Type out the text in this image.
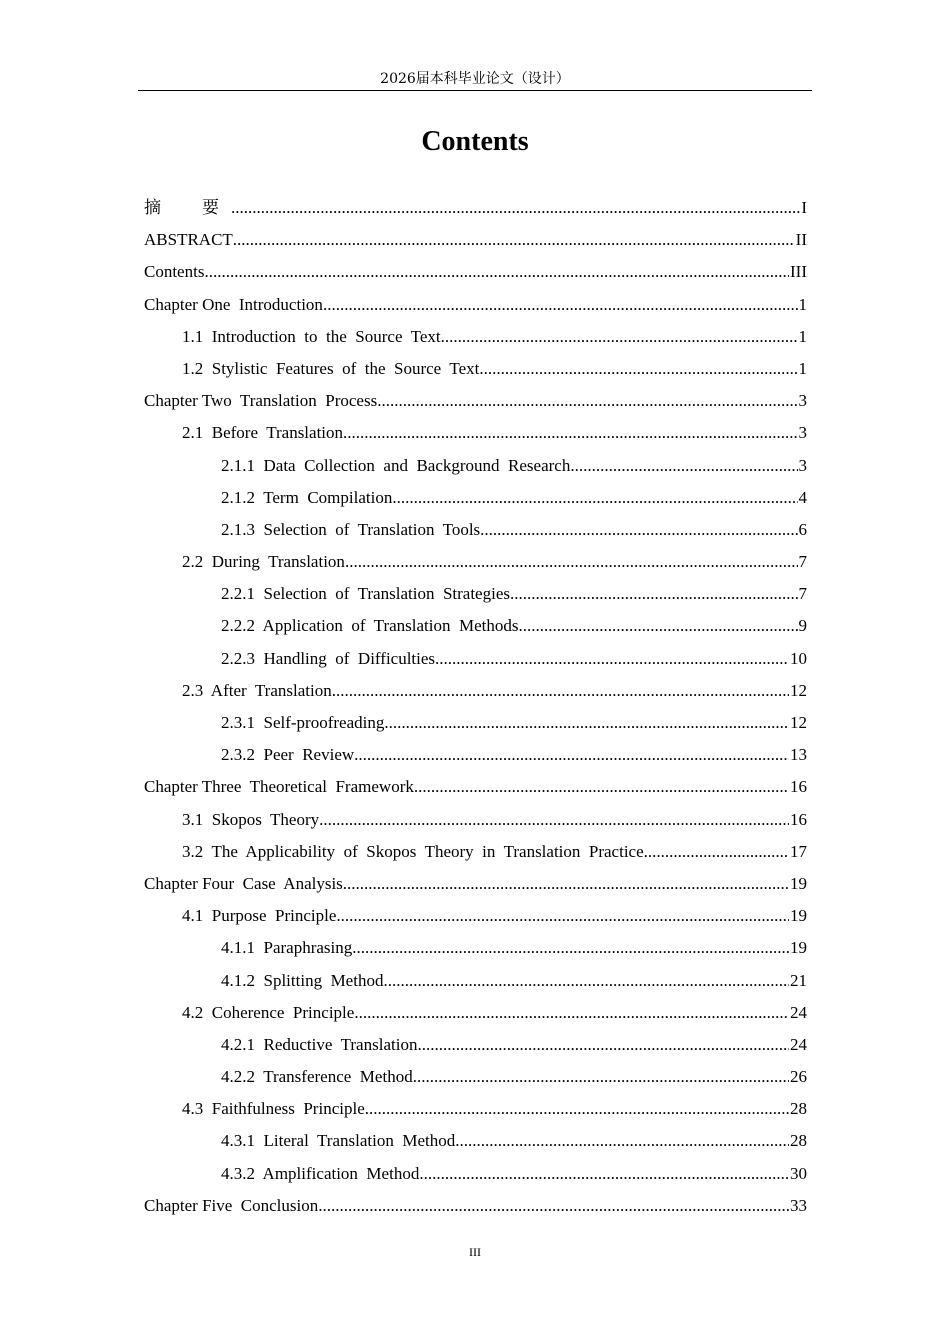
2026届本科毕业论文（设计）
Contents
摘　要 .....	I
ABSTRACT .....	II
Contents .....	III
Chapter One  Introduction .....	1
1.1  Introduction  to  the  Source  Text .....	1
1.2  Stylistic  Features  of  the  Source  Text .....	1
Chapter Two  Translation  Process .....	3
2.1  Before  Translation .....	3
2.1.1  Data  Collection  and  Background  Research .....	3
2.1.2  Term  Compilation .....	4
2.1.3  Selection  of  Translation  Tools .....	6
2.2  During  Translation .....	7
2.2.1  Selection  of  Translation  Strategies .....	7
2.2.2  Application  of  Translation  Methods .....	9
2.2.3  Handling  of  Difficulties .....	10
2.3  After  Translation .....	12
2.3.1  Self-proofreading .....	12
2.3.2  Peer  Review .....	13
Chapter Three  Theoretical  Framework .....	16
3.1  Skopos  Theory .....	16
3.2  The  Applicability  of  Skopos  Theory  in  Translation  Practice .....	17
Chapter Four  Case  Analysis .....	19
4.1  Purpose  Principle .....	19
4.1.1  Paraphrasing .....	19
4.1.2  Splitting  Method .....	21
4.2  Coherence  Principle .....	24
4.2.1  Reductive  Translation .....	24
4.2.2  Transference  Method .....	26
4.3  Faithfulness  Principle .....	28
4.3.1  Literal  Translation  Method .....	28
4.3.2  Amplification  Method .....	30
Chapter Five  Conclusion .....	33
III
